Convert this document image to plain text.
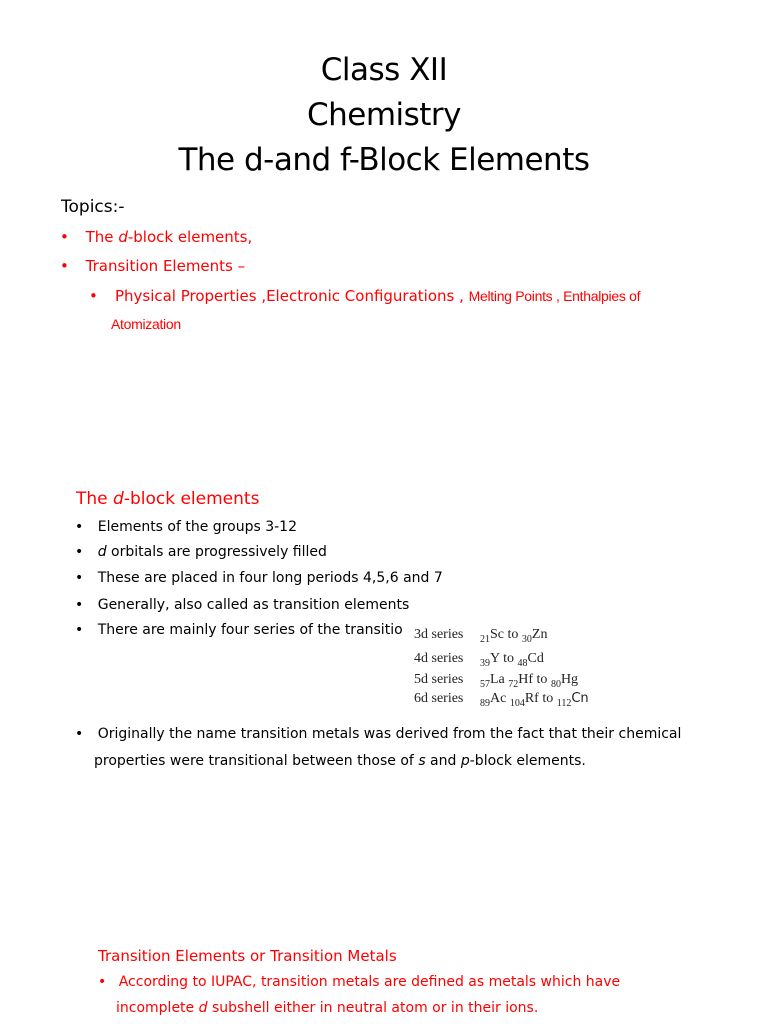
Class XII
Chemistry
The d-and f-Block Elements
Topics:-
• The d-block elements,
• Transition Elements –
• Physical Properties ,Electronic Configurations , Melting Points , Enthalpies of
Atomization
The d-block elements
• Elements of the groups 3-12
• d orbitals are progressively filled
• These are placed in four long periods 4,5,6 and 7
• Generally, also called as transition elements
• There are mainly four series of the transitio 3d series $_{21}$Sc to $_{30}$Zn
4d series $_{39}$Y to $_{48}$Cd
5d series $_{57}$La $_{72}$Hf to $_{80}$Hg
6d series $_{89}$Ac $_{104}$Rf to $_{112}$Cn
• Originally the name transition metals was derived from the fact that their chemical
properties were transitional between those of s and p-block elements.
Transition Elements or Transition Metals
• According to IUPAC, transition metals are defined as metals which have
incomplete d subshell either in neutral atom or in their ions.
